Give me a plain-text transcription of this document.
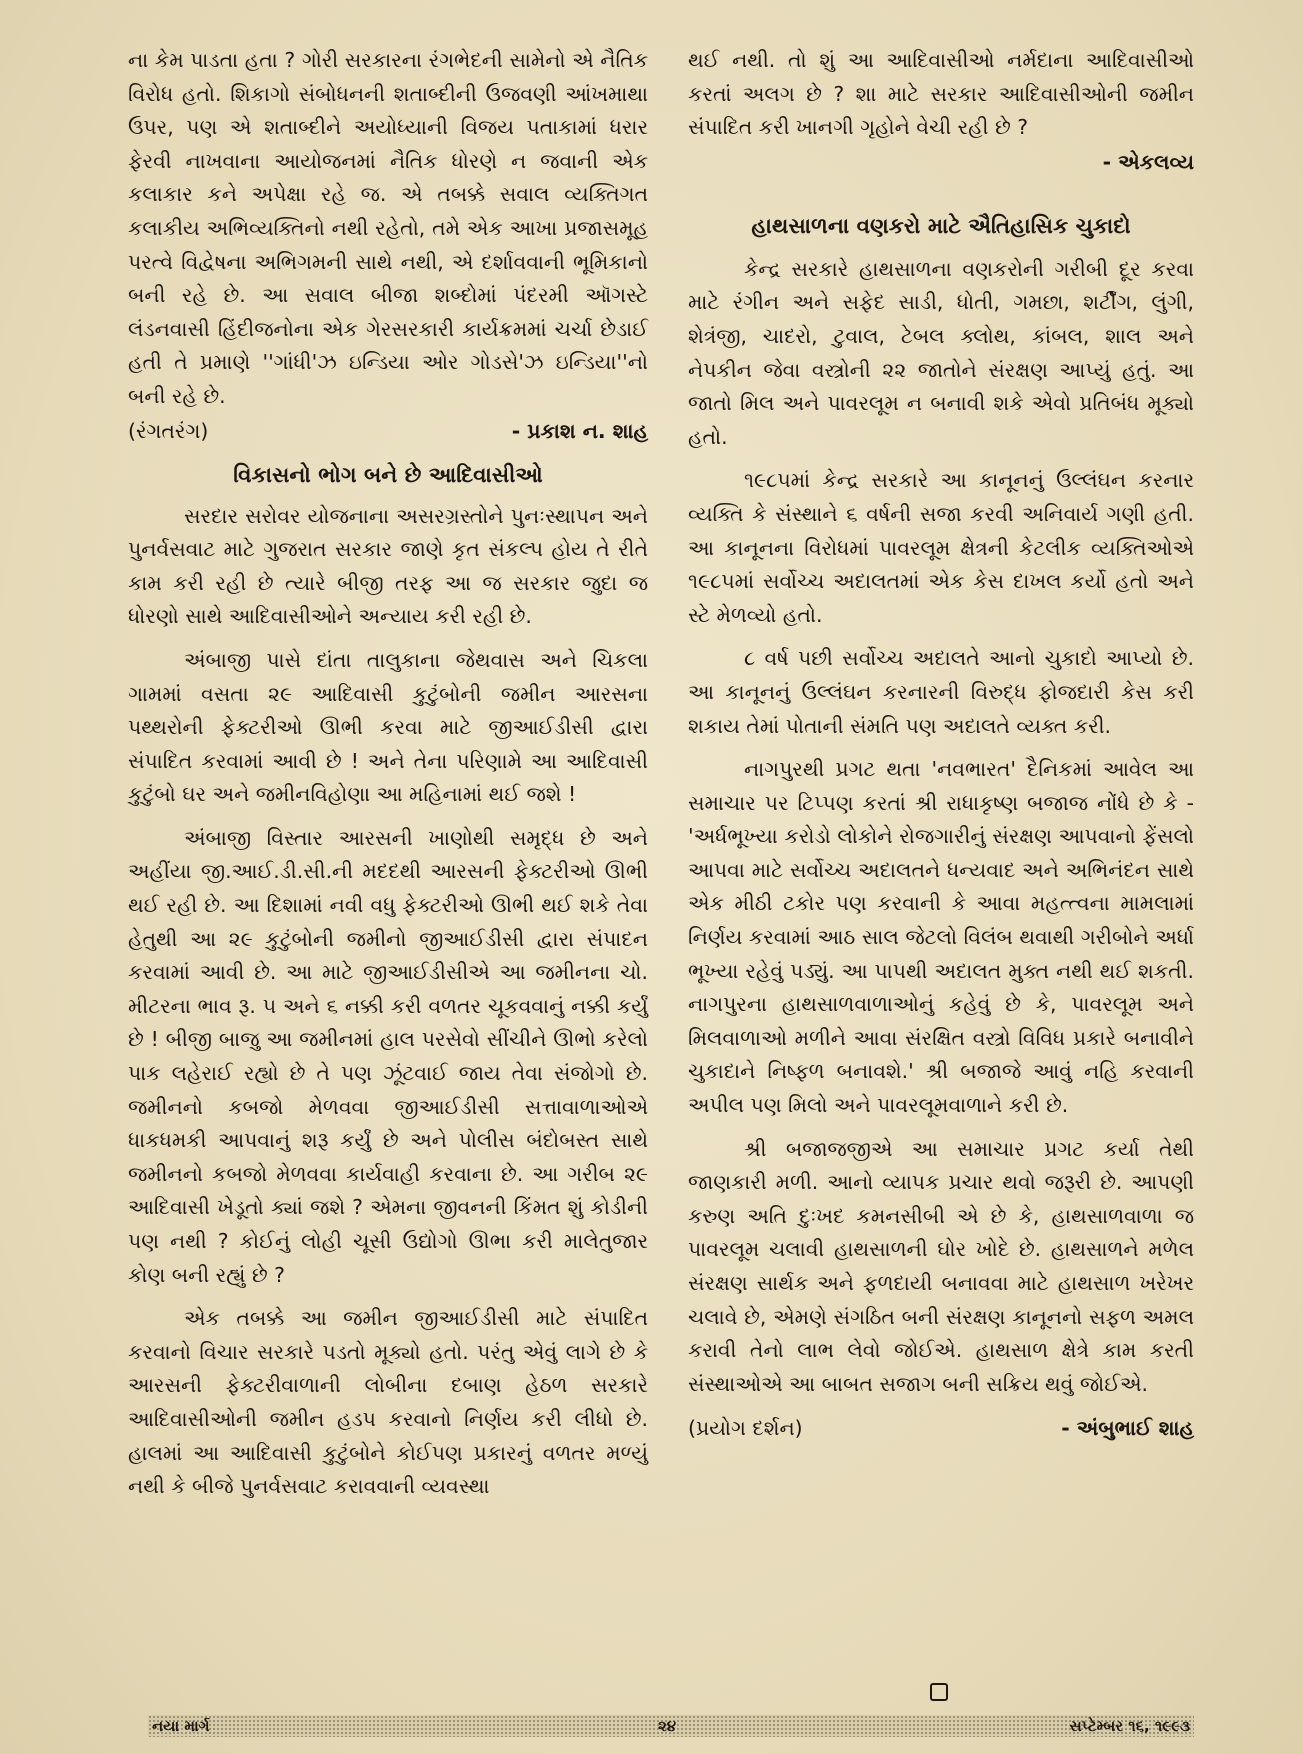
ના કેમ પાડતા હતા ? ગોરી સરકારના રંગભેદની સામેનો એ નૈતિક વિરોધ હતો. શિકાગો સંબોધનની શતાબ્દીની ઉજવણી આંખમાથા ઉપર, પણ એ શતાબ્દીને અયોધ્યાની વિજય પતાકામાં ધરાર ફેરવી નાખવાના આયોજનમાં નૈતિક ધોરણે ન જવાની એક કલાકાર કને અપેક્ષા રહે જ. એ તબક્કે સવાલ વ્યક્તિગત કલાકીય અભિવ્યક્તિનો નથી રહેતો, તમે એક આખા પ્રજાસમૂહ પરત્વે વિદ્વેષના અભિગમની સાથે નથી, એ દર્શાવવાની ભૂમિકાનો બની રહે છે. આ સવાલ બીજા શબ્દોમાં પંદરમી ઑગસ્ટે લંડનવાસી હિંદીજનોના એક ગેરસરકારી કાર્યક્રમમાં ચર્ચા છેડાઈ હતી તે પ્રમાણે ''ગાંધી'ઝ ઇન્ડિયા ઓર ગોડસે'ઝ ઇન્ડિયા''નો બની રહે છે.

(રંગતરંગ)	- પ્રકાશ ન. શાહ
વિકાસનો ભોગ બને છે આદિવાસીઓ

સરદાર સરોવર યોજનાના અસરગ્રસ્તોને પુનઃસ્થાપન અને પુનર્વસવાટ માટે ગુજરાત સરકાર જાણે કૃત સંકલ્પ હોય તે રીતે કામ કરી રહી છે ત્યારે બીજી તરફ આ જ સરકાર જુદા જ ધોરણો સાથે આદિવાસીઓને અન્યાય કરી રહી છે.

અંબાજી પાસે દાંતા તાલુકાના જેથવાસ અને ચિકલા ગામમાં વસતા ૨૯ આદિવાસી કુટુંબોની જમીન આરસના પથ્થરોની ફેક્ટરીઓ ઊભી કરવા માટે જીઆઈડીસી દ્વારા સંપાદિત કરવામાં આવી છે ! અને તેના પરિણામે આ આદિવાસી કુટુંબો ઘર અને જમીનવિહોણા આ મહિનામાં થઈ જશે !

અંબાજી વિસ્તાર આરસની ખાણોથી સમૃદ્ધ છે અને અહીંયા જી.આઈ.ડી.સી.ની મદદથી આરસની ફેક્ટરીઓ ઊભી થઈ રહી છે. આ દિશામાં નવી વધુ ફેક્ટરીઓ ઊભી થઈ શકે તેવા હેતુથી આ ૨૯ કુટુંબોની જમીનો જીઆઈડીસી દ્વારા સંપાદન કરવામાં આવી છે. આ માટે જીઆઈડીસીએ આ જમીનના ચો. મીટરના ભાવ રૂ. ૫ અને ૬ નક્કી કરી વળતર ચૂકવવાનું નક્કી કર્યું છે ! બીજી બાજુ આ જમીનમાં હાલ પરસેવો સીંચીને ઊભો કરેલો પાક લહેરાઈ રહ્યો છે તે પણ ઝૂંટવાઈ જાય તેવા સંજોગો છે. જમીનનો કબજો મેળવવા જીઆઈડીસી સત્તાવાળાઓએ ધાકધમકી આપવાનું શરૂ કર્યું છે અને પોલીસ બંદોબસ્ત સાથે જમીનનો કબજો મેળવવા કાર્યવાહી કરવાના છે. આ ગરીબ ૨૯ આદિવાસી ખેડૂતો ક્યાં જશે ? એમના જીવનની કિંમત શું કોડીની પણ નથી ? કોઈનું લોહી ચૂસી ઉદ્યોગો ઊભા કરી માલેતુજાર કોણ બની રહ્યું છે ?

એક તબક્કે આ જમીન જીઆઈડીસી માટે સંપાદિત કરવાનો વિચાર સરકારે પડતો મૂક્યો હતો. પરંતુ એવું લાગે છે કે આરસની ફેક્ટરીવાળાની લોબીના દબાણ હેઠળ સરકારે આદિવાસીઓની જમીન હડપ કરવાનો નિર્ણય કરી લીધો છે. હાલમાં આ આદિવાસી કુટુંબોને કોઈપણ પ્રકારનું વળતર મળ્યું નથી કે બીજે પુનર્વસવાટ કરાવવાની વ્યવસ્થા

થઈ નથી. તો શું આ આદિવાસીઓ નર્મદાના આદિવાસીઓ કરતાં અલગ છે ? શા માટે સરકાર આદિવાસીઓની જમીન સંપાદિત કરી ખાનગી ગૃહોને વેચી રહી છે ?

- એકલવ્ય
હાથસાળના વણકરો માટે ઐતિહાસિક ચુકાદો

કેન્દ્ર સરકારે હાથસાળના વણકરોની ગરીબી દૂર કરવા માટે રંગીન અને સફેદ સાડી, ધોતી, ગમછા, શર્ટીંગ, લુંગી, શેત્રંજી, ચાદરો, ટુવાલ, ટેબલ ક્લોથ, કાંબલ, શાલ અને નેપકીન જેવા વસ્ત્રોની ૨૨ જાતોને સંરક્ષણ આપ્યું હતું. આ જાતો મિલ અને પાવરલૂમ ન બનાવી શકે એવો પ્રતિબંધ મૂક્યો હતો.

૧૯૮૫માં કેન્દ્ર સરકારે આ કાનૂનનું ઉલ્લંઘન કરનાર વ્યક્તિ કે સંસ્થાને ૬ વર્ષની સજા કરવી અનિવાર્ય ગણી હતી. આ કાનૂનના વિરોધમાં પાવરલૂમ ક્ષેત્રની કેટલીક વ્યક્તિઓએ ૧૯૮૫માં સર્વોચ્ચ અદાલતમાં એક કેસ દાખલ કર્યો હતો અને સ્ટે મેળવ્યો હતો.

૮ વર્ષ પછી સર્વોચ્ચ અદાલતે આનો ચુકાદો આપ્યો છે. આ કાનૂનનું ઉલ્લંઘન કરનારની વિરુદ્ધ ફોજદારી કેસ કરી શકાય તેમાં પોતાની સંમતિ પણ અદાલતે વ્યક્ત કરી.

નાગપુરથી પ્રગટ થતા 'નવભારત' દૈનિકમાં આવેલ આ સમાચાર પર ટિપ્પણ કરતાં શ્રી રાધાકૃષ્ણ બજાજ નોંધે છે કે - 'અર્ધભૂખ્યા કરોડો લોકોને રોજગારીનું સંરક્ષણ આપવાનો ફેંસલો આપવા માટે સર્વોચ્ચ અદાલતને ધન્યવાદ અને અભિનંદન સાથે એક મીઠી ટકોર પણ કરવાની કે આવા મહત્ત્વના મામલામાં નિર્ણય કરવામાં આઠ સાલ જેટલો વિલંબ થવાથી ગરીબોને અર્ધા ભૂખ્યા રહેવું પડ્યું. આ પાપથી અદાલત મુક્ત નથી થઈ શકતી. નાગપુરના હાથસાળવાળાઓનું કહેવું છે કે, પાવરલૂમ અને મિલવાળાઓ મળીને આવા સંરક્ષિત વસ્ત્રો વિવિધ પ્રકારે બનાવીને ચુકાદાને નિષ્ફળ બનાવશે.' શ્રી બજાજે આવું નહિ કરવાની અપીલ પણ મિલો અને પાવરલૂમવાળાને કરી છે.

શ્રી બજાજજીએ આ સમાચાર પ્રગટ કર્યા તેથી જાણકારી મળી. આનો વ્યાપક પ્રચાર થવો જરૂરી છે. આપણી કરુણ અતિ દુઃખદ કમનસીબી એ છે કે, હાથસાળવાળા જ પાવરલૂમ ચલાવી હાથસાળની ઘોર ખોદે છે. હાથસાળને મળેલ સંરક્ષણ સાર્થક અને ફળદાયી બનાવવા માટે હાથસાળ ખરેખર ચલાવે છે, એમણે સંગઠિત બની સંરક્ષણ કાનૂનનો સફળ અમલ કરાવી તેનો લાભ લેવો જોઈએ. હાથસાળ ક્ષેત્રે કામ કરતી સંસ્થાઓએ આ બાબત સજાગ બની સક્રિય થવું જોઈએ.

(પ્રયોગ દર્શન)	- અંબુભાઈ શાહ
નયા માર્ગ	૨૪	સપ્ટેમ્બર ૧૬, ૧૯૯૩
